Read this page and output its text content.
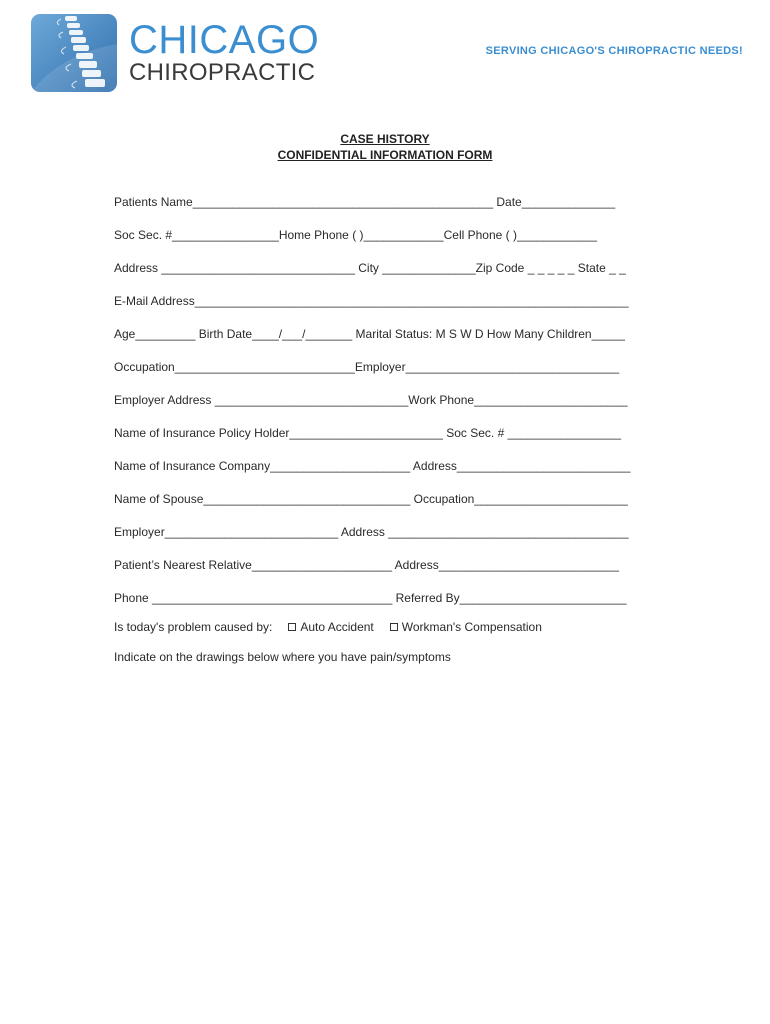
CHICAGO
CHIROPRACTIC
SERVING CHICAGO'S CHIROPRACTIC NEEDS!
CASE HISTORY
CONFIDENTIAL INFORMATION FORM
Patients Name_____________________________________________ Date______________
Soc Sec. #________________Home Phone ( )____________Cell Phone ( )____________
Address _____________________________ City ______________Zip Code _ _ _ _ _ State _ _
E-Mail Address_________________________________________________________________
Age_________ Birth Date____/___/_______ Marital Status: M S W D How Many Children_____
Occupation___________________________Employer________________________________
Employer Address _____________________________Work Phone_______________________
Name of Insurance Policy Holder_______________________ Soc Sec. # _________________
Name of Insurance Company_____________________ Address__________________________
Name of Spouse_______________________________ Occupation_______________________
Employer__________________________ Address ____________________________________
Patient’s Nearest Relative_____________________ Address___________________________
Phone ____________________________________ Referred By_________________________
Is today's problem caused by: Auto Accident Workman's Compensation
Indicate on the drawings below where you have pain/symptoms
